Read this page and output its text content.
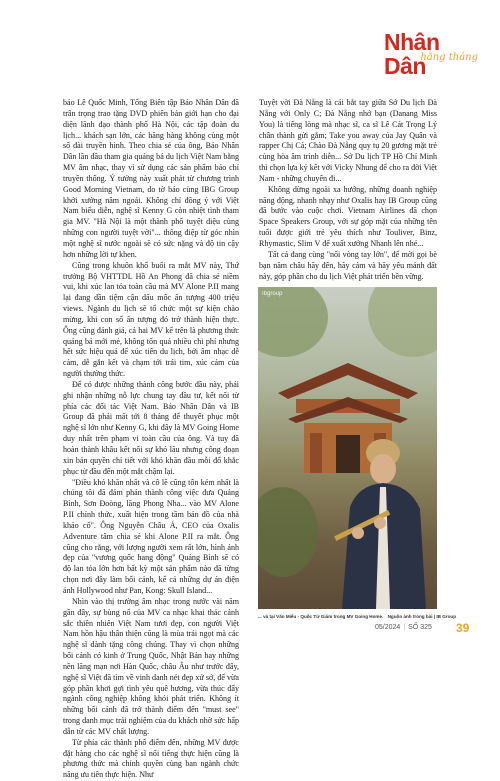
Nhân Dân
hằng tháng

bảo Lê Quốc Minh, Tổng Biên tập Báo Nhân Dân đã trân trọng trao tặng DVD phiên bản giới hạn cho đại diện lãnh đạo thành phố Hà Nội, các tập đoàn du lịch... khách sạn lớn, các hãng hàng không cùng một số đài truyền hình. Theo chia sẻ của ông, Báo Nhân Dân lần đầu tham gia quảng bá du lịch Việt Nam bằng MV âm nhạc, thay vì sử dụng các sản phẩm báo chí truyền thống. Ý tưởng này xuất phát từ chương trình Good Morning Vietnam, do tờ báo cùng IBG Group khởi xướng năm ngoái. Không chỉ đồng ý với Việt Nam biểu diễn, nghệ sĩ Kenny G còn nhiệt tình tham gia MV. "Hà Nội là một thành phố tuyệt diệu cùng những con người tuyệt vời"... thông điệp từ góc nhìn một nghệ sĩ nước ngoài sẽ có sức nặng và độ tin cậy hơn những lời tự khen.

Cũng trong khuôn khổ buổi ra mắt MV này, Thứ trưởng Bộ VHTTDL Hồ An Phong đã chia sẻ niềm vui, khi xúc lan tỏa toàn cầu mà MV Alone P.II mang lại đang dần tiệm cận dấu mốc ấn tượng 400 triệu views. Ngành du lịch sẽ tổ chức một sự kiện chào mừng, khi con số ấn tượng đó trở thành hiện thực. Ông cũng đánh giá, cả hai MV kể trên là phương thức quảng bá mới mẻ, không tốn quá nhiều chi phí nhưng hết sức hiệu quả để xúc tiến du lịch, bởi âm nhạc dễ cảm, dễ gắn kết và chạm tới trái tim, xúc cảm của người thưởng thức.

Để có được những thành công bước đầu này, phải ghi nhận những nỗ lực chung tay đầu tư, kết nối từ phía các đối tác Việt Nam. Báo Nhân Dân và IB Group đã phải mất tới 8 tháng để thuyết phục một nghệ sĩ lớn như Kenny G, khi đây là MV Going Home duy nhất trên phạm vi toàn cầu của ông. Và tuy đã hoàn thành khâu kết nối sự khó lãu nhưng công đoạn xin bản quyền chỉ tiết với khó khăn đầu mỗi đổ khắc phục từ đầu đến một mắt chậm lại.

"Điều khó khăn nhất và cô lẽ cũng tốn kém nhất là chúng tôi đã đảm phán thành công việc đưa Quảng Bình, Sơn Đoòng, lăng Phong Nha... vào MV Alone P.II chính thức, xuất hiện trong tầm bản đồ của nhà khảo cổ". Ông Nguyễn Châu Á, CEO của Oxalis Adventure tâm chia sẻ khi Alone P.II ra mắt. Ông cũng cho rằng, với lượng người xem rất lớn, hình ảnh đẹp của "vương quốc hang động" Quảng Bình sẽ có độ lan tỏa lớn hơn bất kỳ một sản phẩm nào đã từng chọn nơi đây làm bối cảnh, kể cả những dự án điện ảnh Hollywood như Pan, Kong: Skull Island...

Nhìn vào thị trường âm nhạc trong nước vài năm gần đây, sự bùng nổ của MV ca nhạc khai thác cảnh sắc thiên nhiên Việt Nam tươi đẹp, con người Việt Nam hồn hậu thân thiện cũng là mùa trái ngọt mà các nghệ sĩ dành tặng công chúng. Thay vì chọn những bối cảnh có kinh ở Trung Quốc, Nhật Bản hay những nền lãng mạn nơi Hàn Quốc, châu Âu như trước đây, nghệ sĩ Việt đã tìm về vinh danh nét đẹp xứ sở, để vừa góp phần khơi gợi tình yêu quê hương, vừa thúc đẩy ngành công nghiệp không khói phát triển. Không ít những bối cảnh đã trở thành điểm đến "must see" trong danh mục trải nghiệm của du khách nhờ sức hấp dẫn từ các MV chất lượng.

Từ phía các thành phố điểm đến, những MV được đặt hàng cho các nghệ sĩ nổi tiếng thực hiện cũng là phương thức mà chính quyền cùng ban ngành chức năng ưu tiên thực hiện. Như

Tuyệt vời Đà Nẵng là cái bắt tay giữa Sở Du lịch Đà Nẵng với Only C; Đà Nẵng nhớ bạn (Danang Miss You) là tiếng lòng mà nhạc sĩ, ca sĩ Lê Cát Trọng Lý chân thành gửi gắm; Take you away của Jay Quân và rapper Chị Cả; Chào Đà Nẵng quy tụ 20 gương mặt trẻ cùng hòa âm trình diễn... Sở Du lịch TP Hồ Chí Minh thì chọn lựa ký kết với Vicky Nhung để cho ra đời Việt Nam - những chuyến đi...

Không dừng ngoài xa hướng, những doanh nghiệp năng động, nhanh nhạy như Oxalis hay IB Group cũng đã bước vào cuộc chơi. Vietnam Airlines đã chọn Space Speakers Group, với sự góp mặt của những tên tuổi được giới trẻ yêu thích như Touliver, Binz, Rhymastic, Slim V để xuất xưởng Nhanh lên nhé...

Tất cả đang cùng "nối vòng tay lớn", để mời gọi bè bạn năm châu hãy đến, hãy cảm và hãy yêu mảnh đất này, góp phần cho du lịch Việt phát triển bền vững.

Ibgroup
... và tại Văn Miếu - Quốc Tử Giám trong MV Going Home. Nguồn ảnh trong bài | IB Group
05/2024 | SỐ 325 39
